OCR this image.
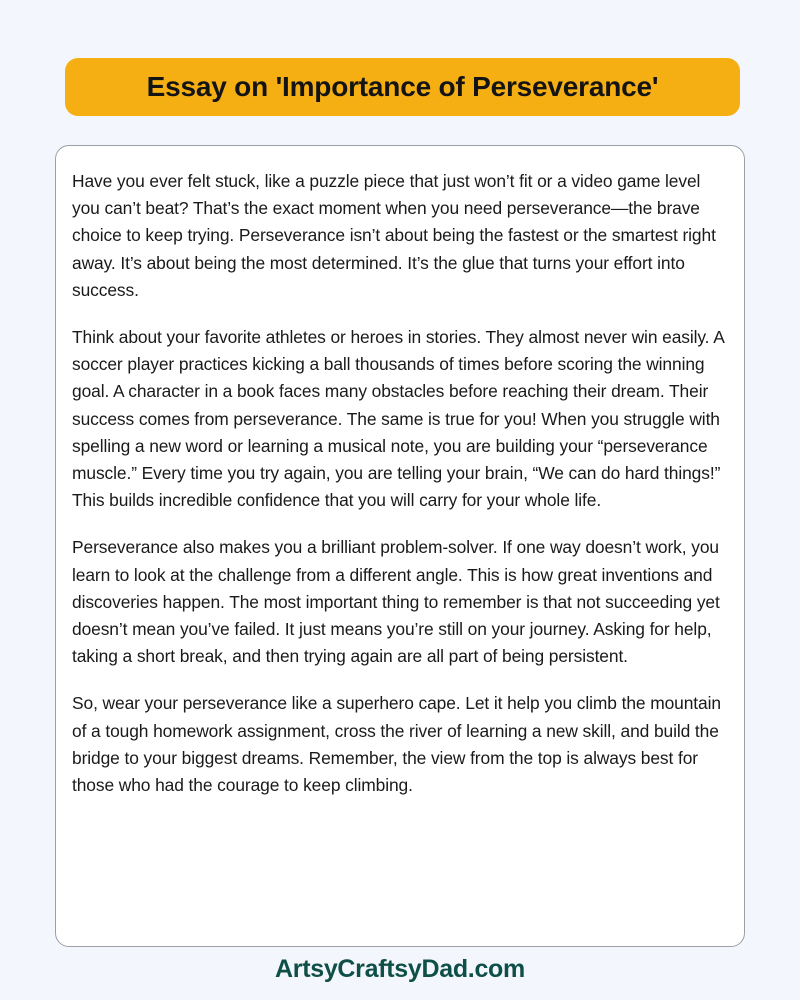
Essay on 'Importance of Perseverance'

Have you ever felt stuck, like a puzzle piece that just won’t fit or a video game level you can’t beat? That’s the exact moment when you need perseverance—the brave choice to keep trying. Perseverance isn’t about being the fastest or the smartest right away. It’s about being the most determined. It’s the glue that turns your effort into success.

Think about your favorite athletes or heroes in stories. They almost never win easily. A soccer player practices kicking a ball thousands of times before scoring the winning goal. A character in a book faces many obstacles before reaching their dream. Their success comes from perseverance. The same is true for you! When you struggle with spelling a new word or learning a musical note, you are building your “perseverance muscle.” Every time you try again, you are telling your brain, “We can do hard things!” This builds incredible confidence that you will carry for your whole life.

Perseverance also makes you a brilliant problem-solver. If one way doesn’t work, you learn to look at the challenge from a different angle. This is how great inventions and discoveries happen. The most important thing to remember is that not succeeding yet doesn’t mean you’ve failed. It just means you’re still on your journey. Asking for help, taking a short break, and then trying again are all part of being persistent.

So, wear your perseverance like a superhero cape. Let it help you climb the mountain of a tough homework assignment, cross the river of learning a new skill, and build the bridge to your biggest dreams. Remember, the view from the top is always best for those who had the courage to keep climbing.

ArtsyCraftsyDad.com
